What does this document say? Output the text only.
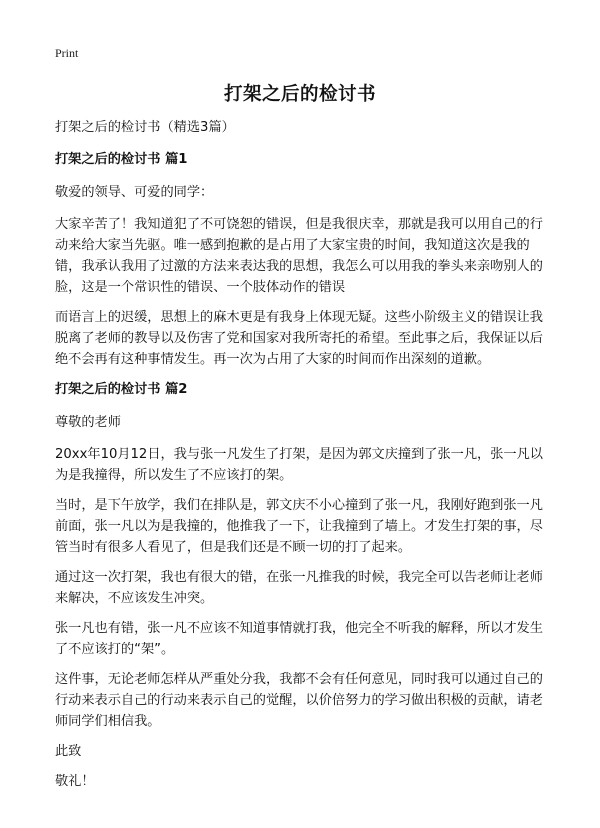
Print
打架之后的检讨书

打架之后的检讨书（精选3篇）

打架之后的检讨书 篇1

敬爱的领导、可爱的同学：

大家辛苦了！我知道犯了不可饶恕的错误，但是我很庆幸，那就是我可以用自己的行动来给大家当先驱。唯一感到抱歉的是占用了大家宝贵的时间，我知道这次是我的错，我承认我用了过激的方法来表达我的思想，我怎么可以用我的拳头来亲吻别人的脸，这是一个常识性的错误、一个肢体动作的错误

而语言上的迟缓，思想上的麻木更是有我身上体现无疑。这些小阶级主义的错误让我脱离了老师的教导以及伤害了党和国家对我所寄托的希望。至此事之后，我保证以后绝不会再有这种事情发生。再一次为占用了大家的时间而作出深刻的道歉。

打架之后的检讨书 篇2

尊敬的老师

20xx年10月12日，我与张一凡发生了打架，是因为郭文庆撞到了张一凡，张一凡以为是我撞得，所以发生了不应该打的架。

当时，是下午放学，我们在排队是，郭文庆不小心撞到了张一凡，我刚好跑到张一凡前面，张一凡以为是我撞的，他推我了一下，让我撞到了墙上。才发生打架的事，尽管当时有很多人看见了，但是我们还是不顾一切的打了起来。

通过这一次打架，我也有很大的错，在张一凡推我的时候，我完全可以告老师让老师来解决，不应该发生冲突。

张一凡也有错，张一凡不应该不知道事情就打我，他完全不听我的解释，所以才发生了不应该打的“架”。

这件事，无论老师怎样从严重处分我，我都不会有任何意见，同时我可以通过自己的行动来表示自己的行动来表示自己的觉醒，以价倍努力的学习做出积极的贡献，请老师同学们相信我。

此致

敬礼！
